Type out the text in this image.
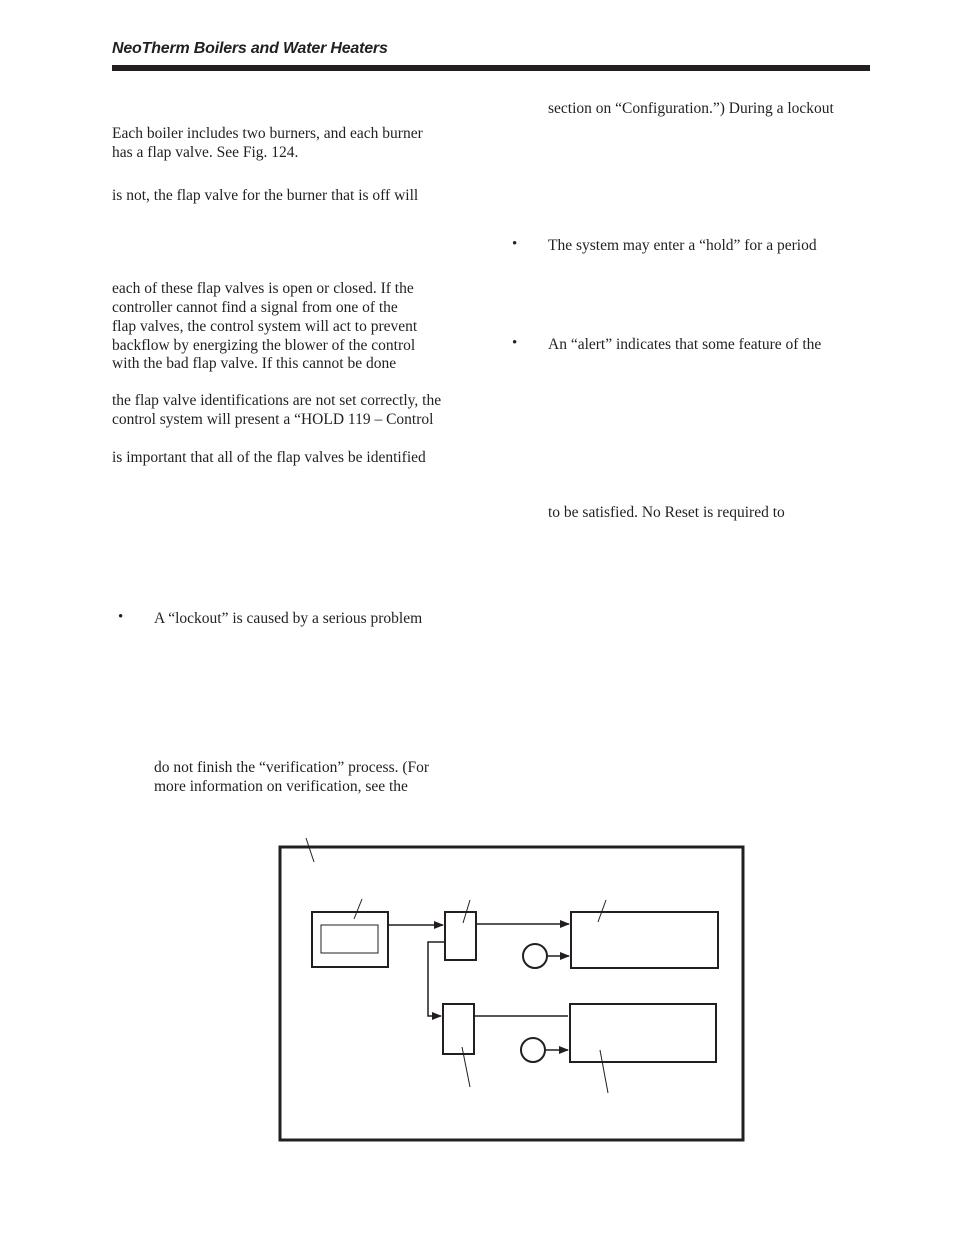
NeoTherm Boilers and Water Heaters
Each boiler includes two burners, and each burner
has a flap valve. See Fig. 124.
is not, the flap valve for the burner that is off will
each of these flap valves is open or closed. If the
controller cannot find a signal from one of the
flap valves, the control system will act to prevent
backflow by energizing the blower of the control
with the bad flap valve. If this cannot be done
the flap valve identifications are not set correctly, the
control system will present a “HOLD 119 – Control
is important that all of the flap valves be identified
• A “lockout” is caused by a serious problem
do not finish the “verification” process. (For
more information on verification, see the
section on “Configuration.”) During a lockout
• The system may enter a “hold” for a period
• An “alert” indicates that some feature of the
to be satisfied. No Reset is required to
